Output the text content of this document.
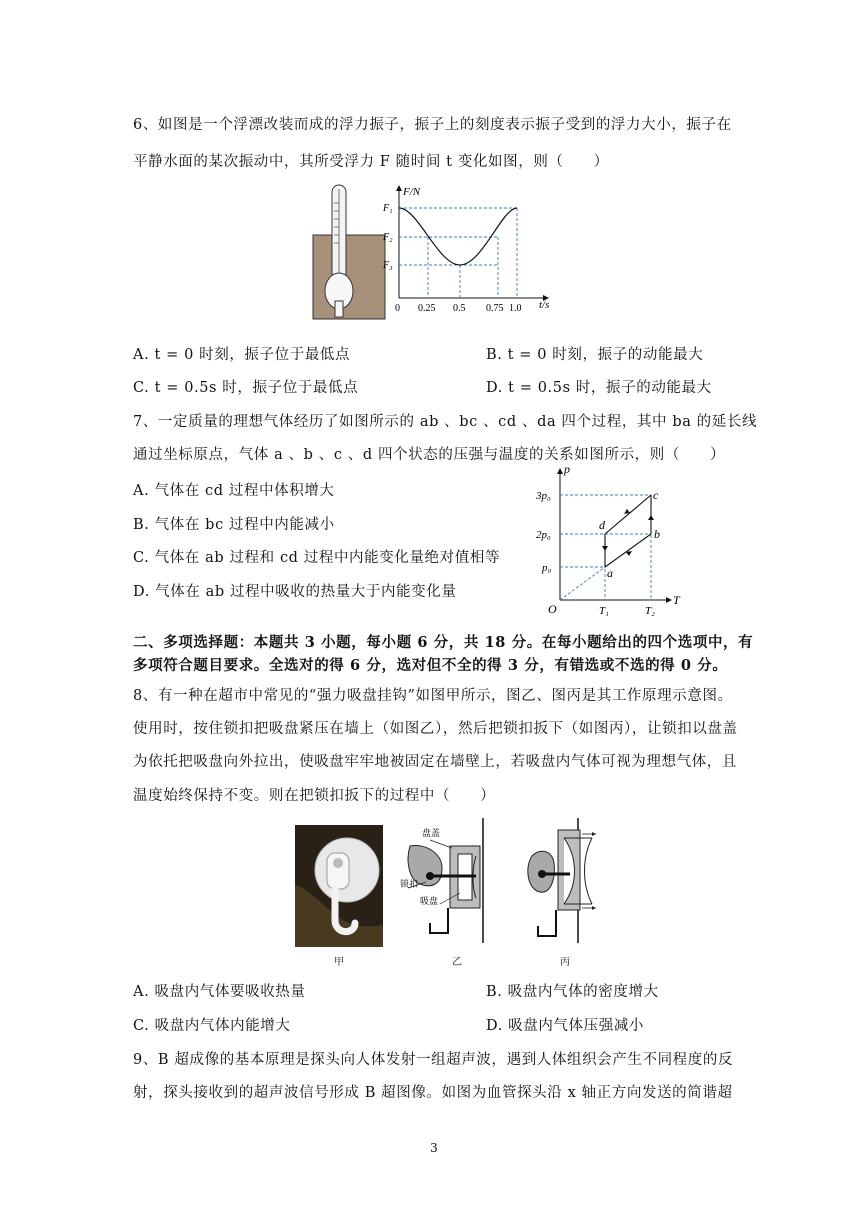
6、如图是一个浮漂改装而成的浮力振子，振子上的刻度表示振子受到的浮力大小，振子在
平静水面的某次振动中，其所受浮力 F 随时间 t 变化如图，则（　　）
F/N
t/s
F₁
F₂
F₃
0 0.25 0.5 0.75 1.0
A. t = 0 时刻，振子位于最低点	B. t = 0 时刻，振子的动能最大
C. t = 0.5s 时，振子位于最低点	D. t = 0.5s 时，振子的动能最大
7、一定质量的理想气体经历了如图所示的 ab 、bc 、cd 、da 四个过程，其中 ba 的延长线
通过坐标原点，气体 a 、b 、c 、d 四个状态的压强与温度的关系如图所示，则（　　）
A. 气体在 cd 过程中体积增大
B. 气体在 bc 过程中内能减小
C. 气体在 ab 过程和 cd 过程中内能变化量绝对值相等
D. 气体在 ab 过程中吸收的热量大于内能变化量
p
T
O
3p₀
2p₀
p₀
T₁	T₂
a
b
c
d
二、多项选择题：本题共 3 小题，每小题 6 分，共 18 分。在每小题给出的四个选项中，有
多项符合题目要求。全选对的得 6 分，选对但不全的得 3 分，有错选或不选的得 0 分。
8、有一种在超市中常见的“强力吸盘挂钩”如图甲所示，图乙、图丙是其工作原理示意图。
使用时，按住锁扣把吸盘紧压在墙上（如图乙），然后把锁扣扳下（如图丙），让锁扣以盘盖
为依托把吸盘向外拉出，使吸盘牢牢地被固定在墙壁上，若吸盘内气体可视为理想气体，且
温度始终保持不变。则在把锁扣扳下的过程中（　　）
盘盖
锁扣
吸盘
甲	乙	丙
A. 吸盘内气体要吸收热量	B. 吸盘内气体的密度增大
C. 吸盘内气体内能增大	D. 吸盘内气体压强减小
9、B 超成像的基本原理是探头向人体发射一组超声波，遇到人体组织会产生不同程度的反
射，探头接收到的超声波信号形成 B 超图像。如图为血管探头沿 x 轴正方向发送的简谐超
3
